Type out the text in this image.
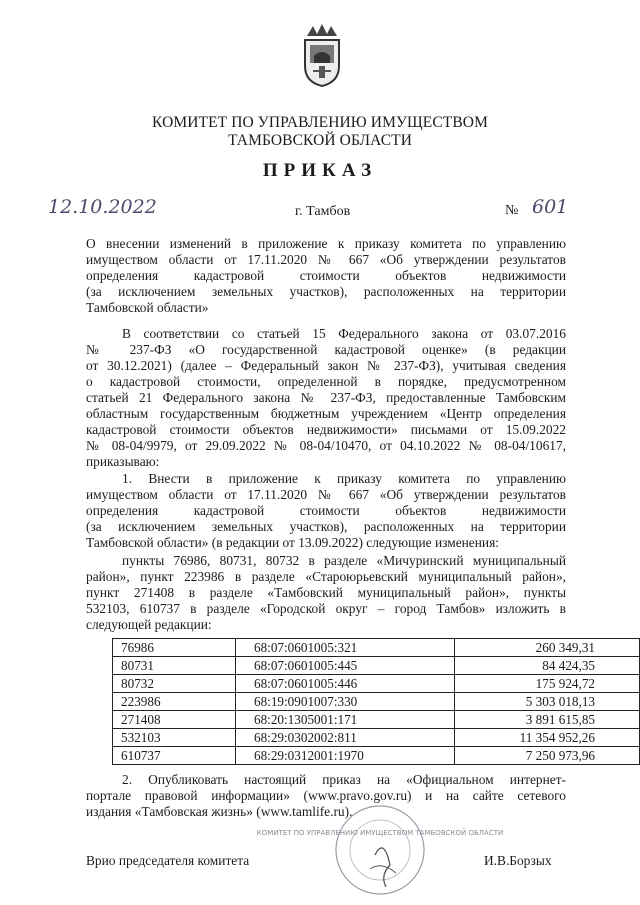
КОМИТЕТ ПО УПРАВЛЕНИЮ ИМУЩЕСТВОМ
ТАМБОВСКОЙ ОБЛАСТИ
ПРИКАЗ
12.10.2022	г. Тамбов	№ 601
О внесении изменений в приложение к приказу комитета по управлению
имуществом области от 17.11.2020 № 667 «Об утверждении результатов
определения кадастровой стоимости объектов недвижимости
(за исключением земельных участков), расположенных на территории
Тамбовской области»
В соответствии со статьей 15 Федерального закона от 03.07.2016
№ 237-ФЗ «О государственной кадастровой оценке» (в редакции
от 30.12.2021) (далее – Федеральный закон № 237-ФЗ), учитывая сведения
о кадастровой стоимости, определенной в порядке, предусмотренном
статьей 21 Федерального закона № 237-ФЗ, предоставленные Тамбовским
областным государственным бюджетным учреждением «Центр определения
кадастровой стоимости объектов недвижимости» письмами от 15.09.2022
№ 08-04/9979, от 29.09.2022 № 08-04/10470, от 04.10.2022 № 08-04/10617,
приказываю:
1. Внести в приложение к приказу комитета по управлению
имуществом области от 17.11.2020 № 667 «Об утверждении результатов
определения кадастровой стоимости объектов недвижимости
(за исключением земельных участков), расположенных на территории
Тамбовской области» (в редакции от 13.09.2022) следующие изменения:
пункты 76986, 80731, 80732 в разделе «Мичуринский муниципальный
район», пункт 223986 в разделе «Староюрьевский муниципальный район»,
пункт 271408 в разделе «Тамбовский муниципальный район», пункты
532103, 610737 в разделе «Городской округ – город Тамбов» изложить в
следующей редакции:
76986	68:07:0601005:321	260 349,31
80731	68:07:0601005:445	84 424,35
80732	68:07:0601005:446	175 924,72
223986	68:19:0901007:330	5 303 018,13
271408	68:20:1305001:171	3 891 615,85
532103	68:29:0302002:811	11 354 952,26
610737	68:29:0312001:1970	7 250 973,96
2. Опубликовать настоящий приказ на «Официальном интернет-
портале правовой информации» (www.pravo.gov.ru) и на сайте сетевого
издания «Тамбовская жизнь» (www.tamlife.ru).
КОМИТЕТ ПО УПРАВЛЕНИЮ ИМУЩЕСТВОМ ТАМБОВСКОЙ ОБЛАСТИ
Врио председателя комитета	И.В.Борзых
